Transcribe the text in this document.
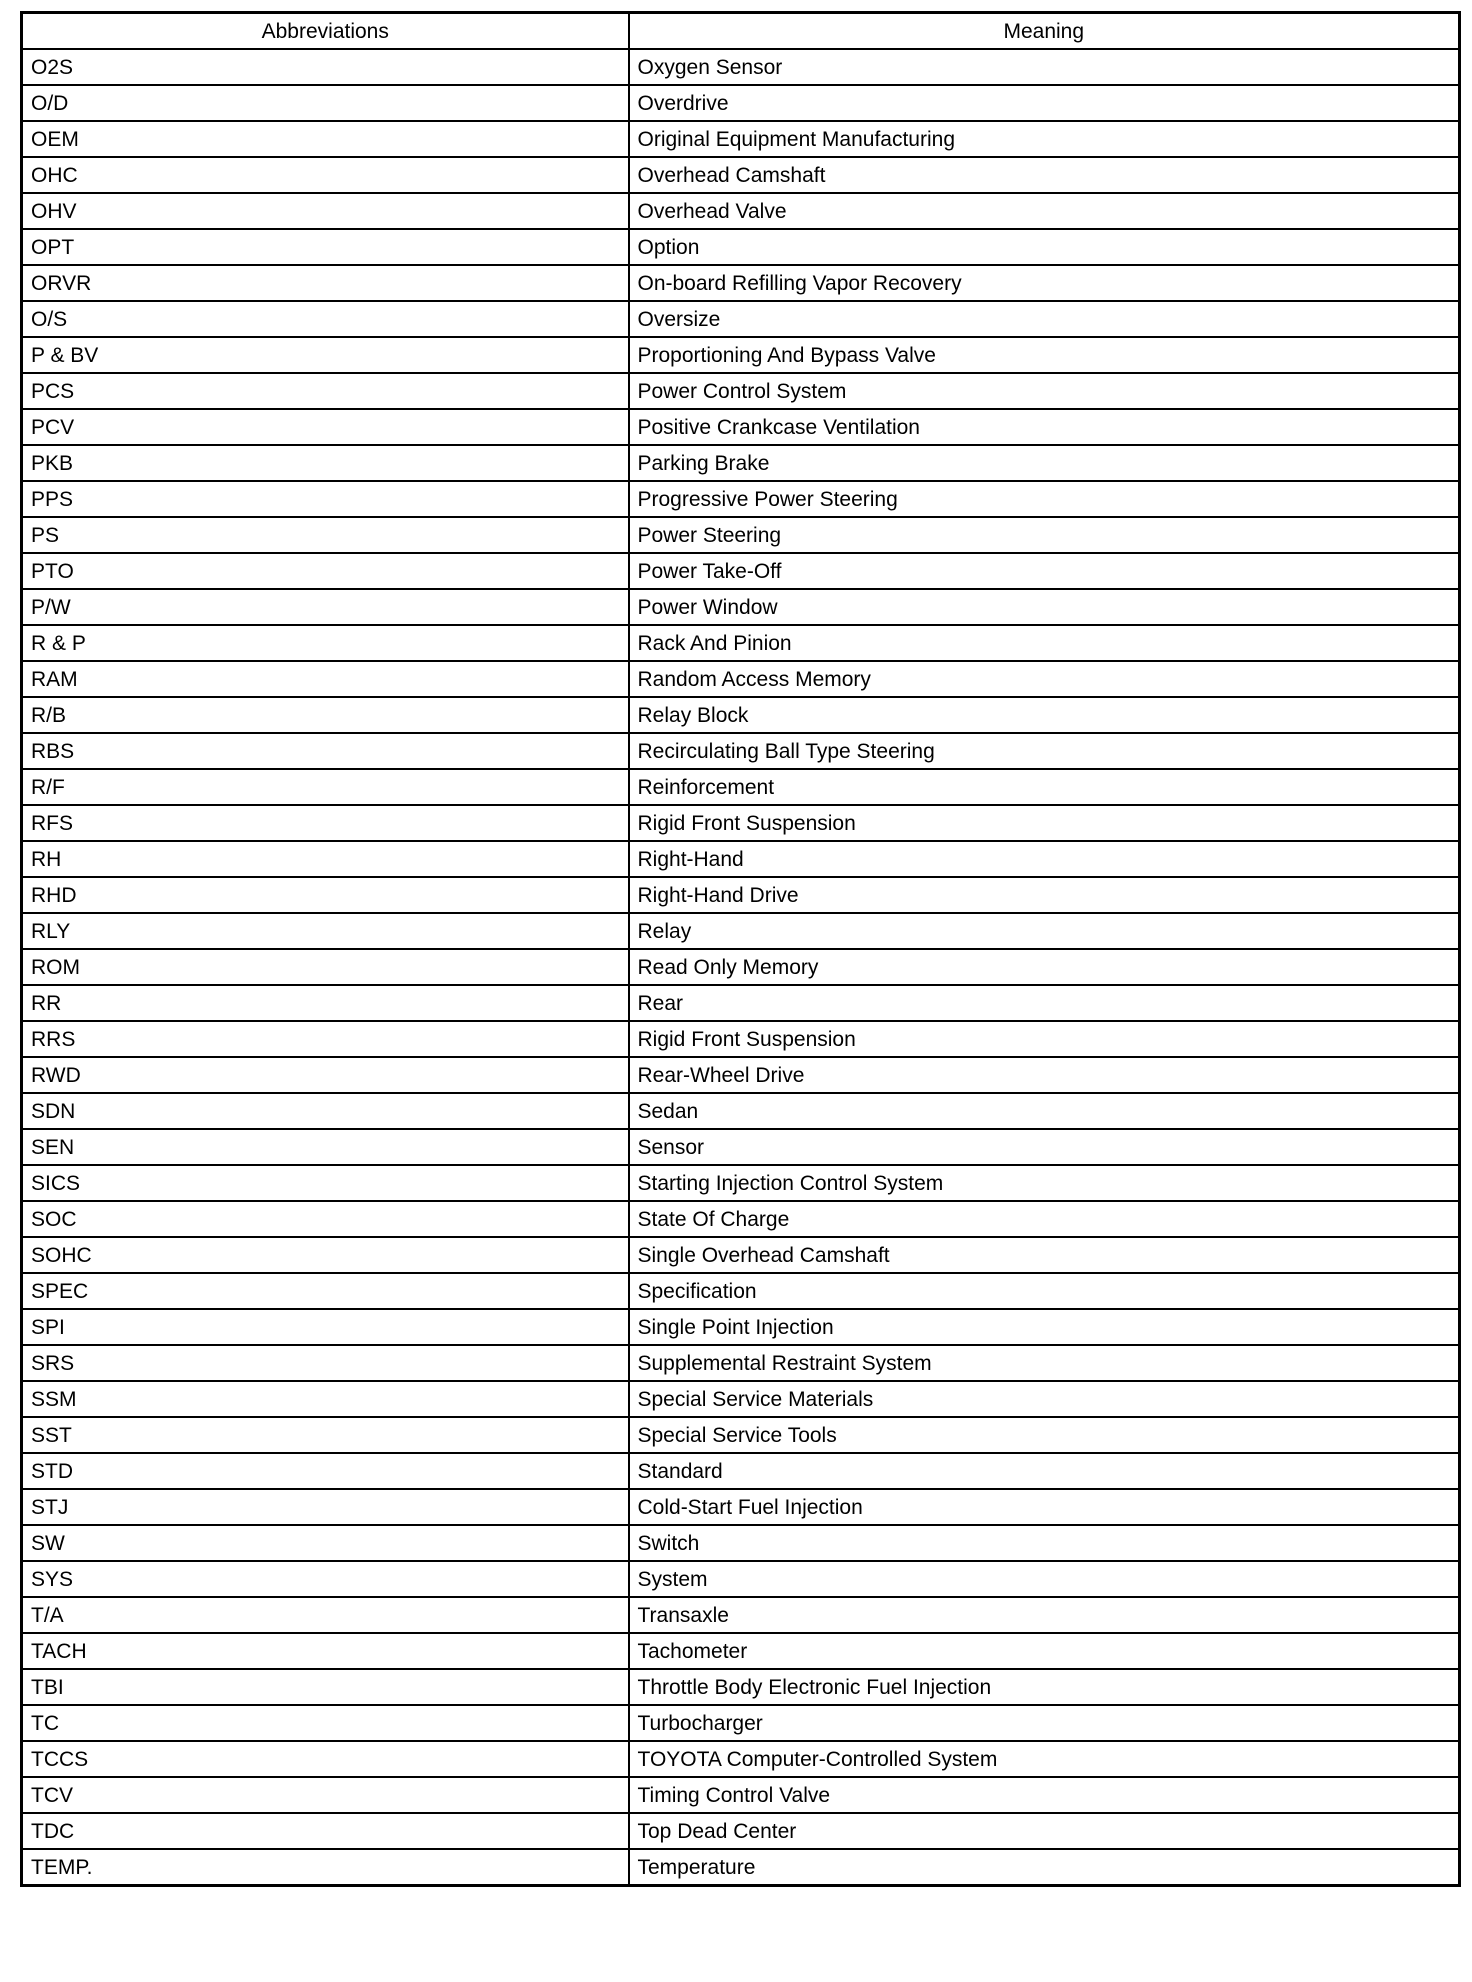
Abbreviations	Meaning
O2S	Oxygen Sensor
O/D	Overdrive
OEM	Original Equipment Manufacturing
OHC	Overhead Camshaft
OHV	Overhead Valve
OPT	Option
ORVR	On-board Refilling Vapor Recovery
O/S	Oversize
P & BV	Proportioning And Bypass Valve
PCS	Power Control System
PCV	Positive Crankcase Ventilation
PKB	Parking Brake
PPS	Progressive Power Steering
PS	Power Steering
PTO	Power Take-Off
P/W	Power Window
R & P	Rack And Pinion
RAM	Random Access Memory
R/B	Relay Block
RBS	Recirculating Ball Type Steering
R/F	Reinforcement
RFS	Rigid Front Suspension
RH	Right-Hand
RHD	Right-Hand Drive
RLY	Relay
ROM	Read Only Memory
RR	Rear
RRS	Rigid Front Suspension
RWD	Rear-Wheel Drive
SDN	Sedan
SEN	Sensor
SICS	Starting Injection Control System
SOC	State Of Charge
SOHC	Single Overhead Camshaft
SPEC	Specification
SPI	Single Point Injection
SRS	Supplemental Restraint System
SSM	Special Service Materials
SST	Special Service Tools
STD	Standard
STJ	Cold-Start Fuel Injection
SW	Switch
SYS	System
T/A	Transaxle
TACH	Tachometer
TBI	Throttle Body Electronic Fuel Injection
TC	Turbocharger
TCCS	TOYOTA Computer-Controlled System
TCV	Timing Control Valve
TDC	Top Dead Center
TEMP.	Temperature
